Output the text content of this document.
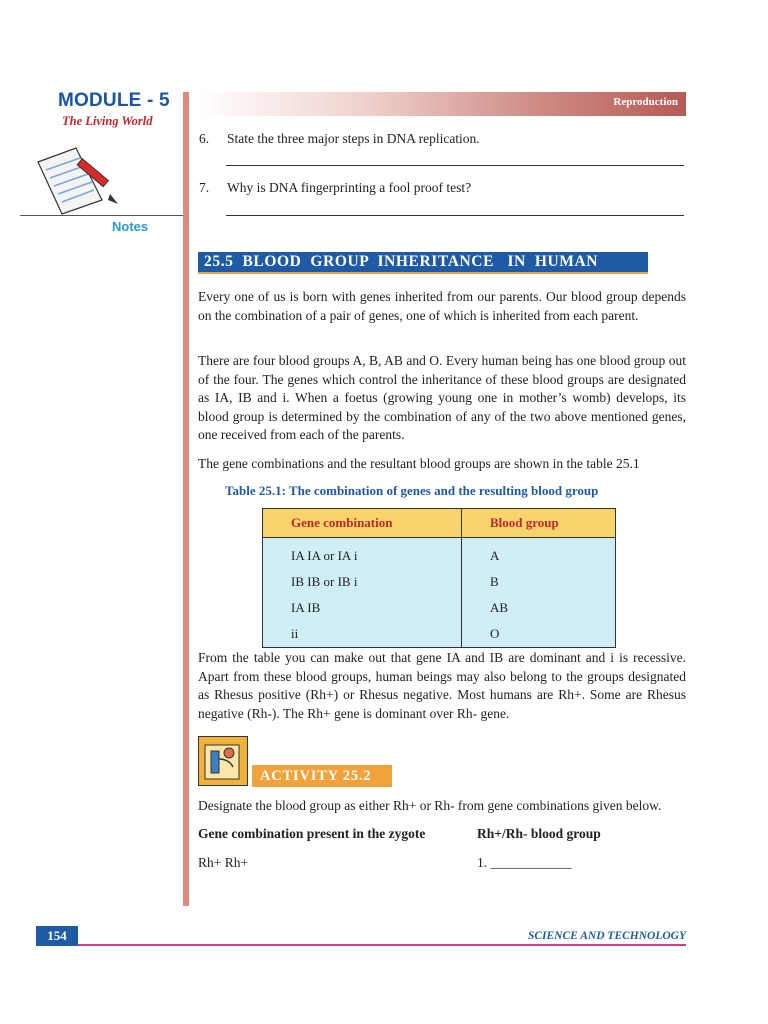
MODULE - 5
The Living World
Notes
Reproduction
6. State the three major steps in DNA replication.
7. Why is DNA fingerprinting a fool proof test?
25.5  BLOOD  GROUP  INHERITANCE   IN  HUMAN
Every one of us is born with genes inherited from our parents. Our blood group depends on the combination of a pair of genes, one of which is inherited from each parent.
There are four blood groups A, B, AB and O. Every human being has one blood group out of the four. The genes which control the inheritance of these blood groups are designated as IA, IB and i. When a foetus (growing young one in mother’s womb) develops, its blood group is determined by the combination of any of the two above mentioned genes, one received from each of the parents.
The gene combinations and the resultant blood groups are shown in the table 25.1
Table 25.1: The combination of genes and the resulting blood group
Gene combination	Blood group
IA IA or IA i	A
IB IB or IB i	B
IA IB	AB
ii	O
From the table you can make out that gene IA and IB are dominant and i is recessive. Apart from these blood groups, human beings may also belong to the groups designated as Rhesus positive (Rh+) or Rhesus negative. Most humans are Rh+. Some are Rhesus negative (Rh-). The Rh+ gene is dominant over Rh- gene.
ACTIVITY 25.2
Designate the blood group as either Rh+ or Rh- from gene combinations given below.
Gene combination present in the zygote	Rh+/Rh- blood group
Rh+ Rh+	1. ____________
154	SCIENCE AND TECHNOLOGY
